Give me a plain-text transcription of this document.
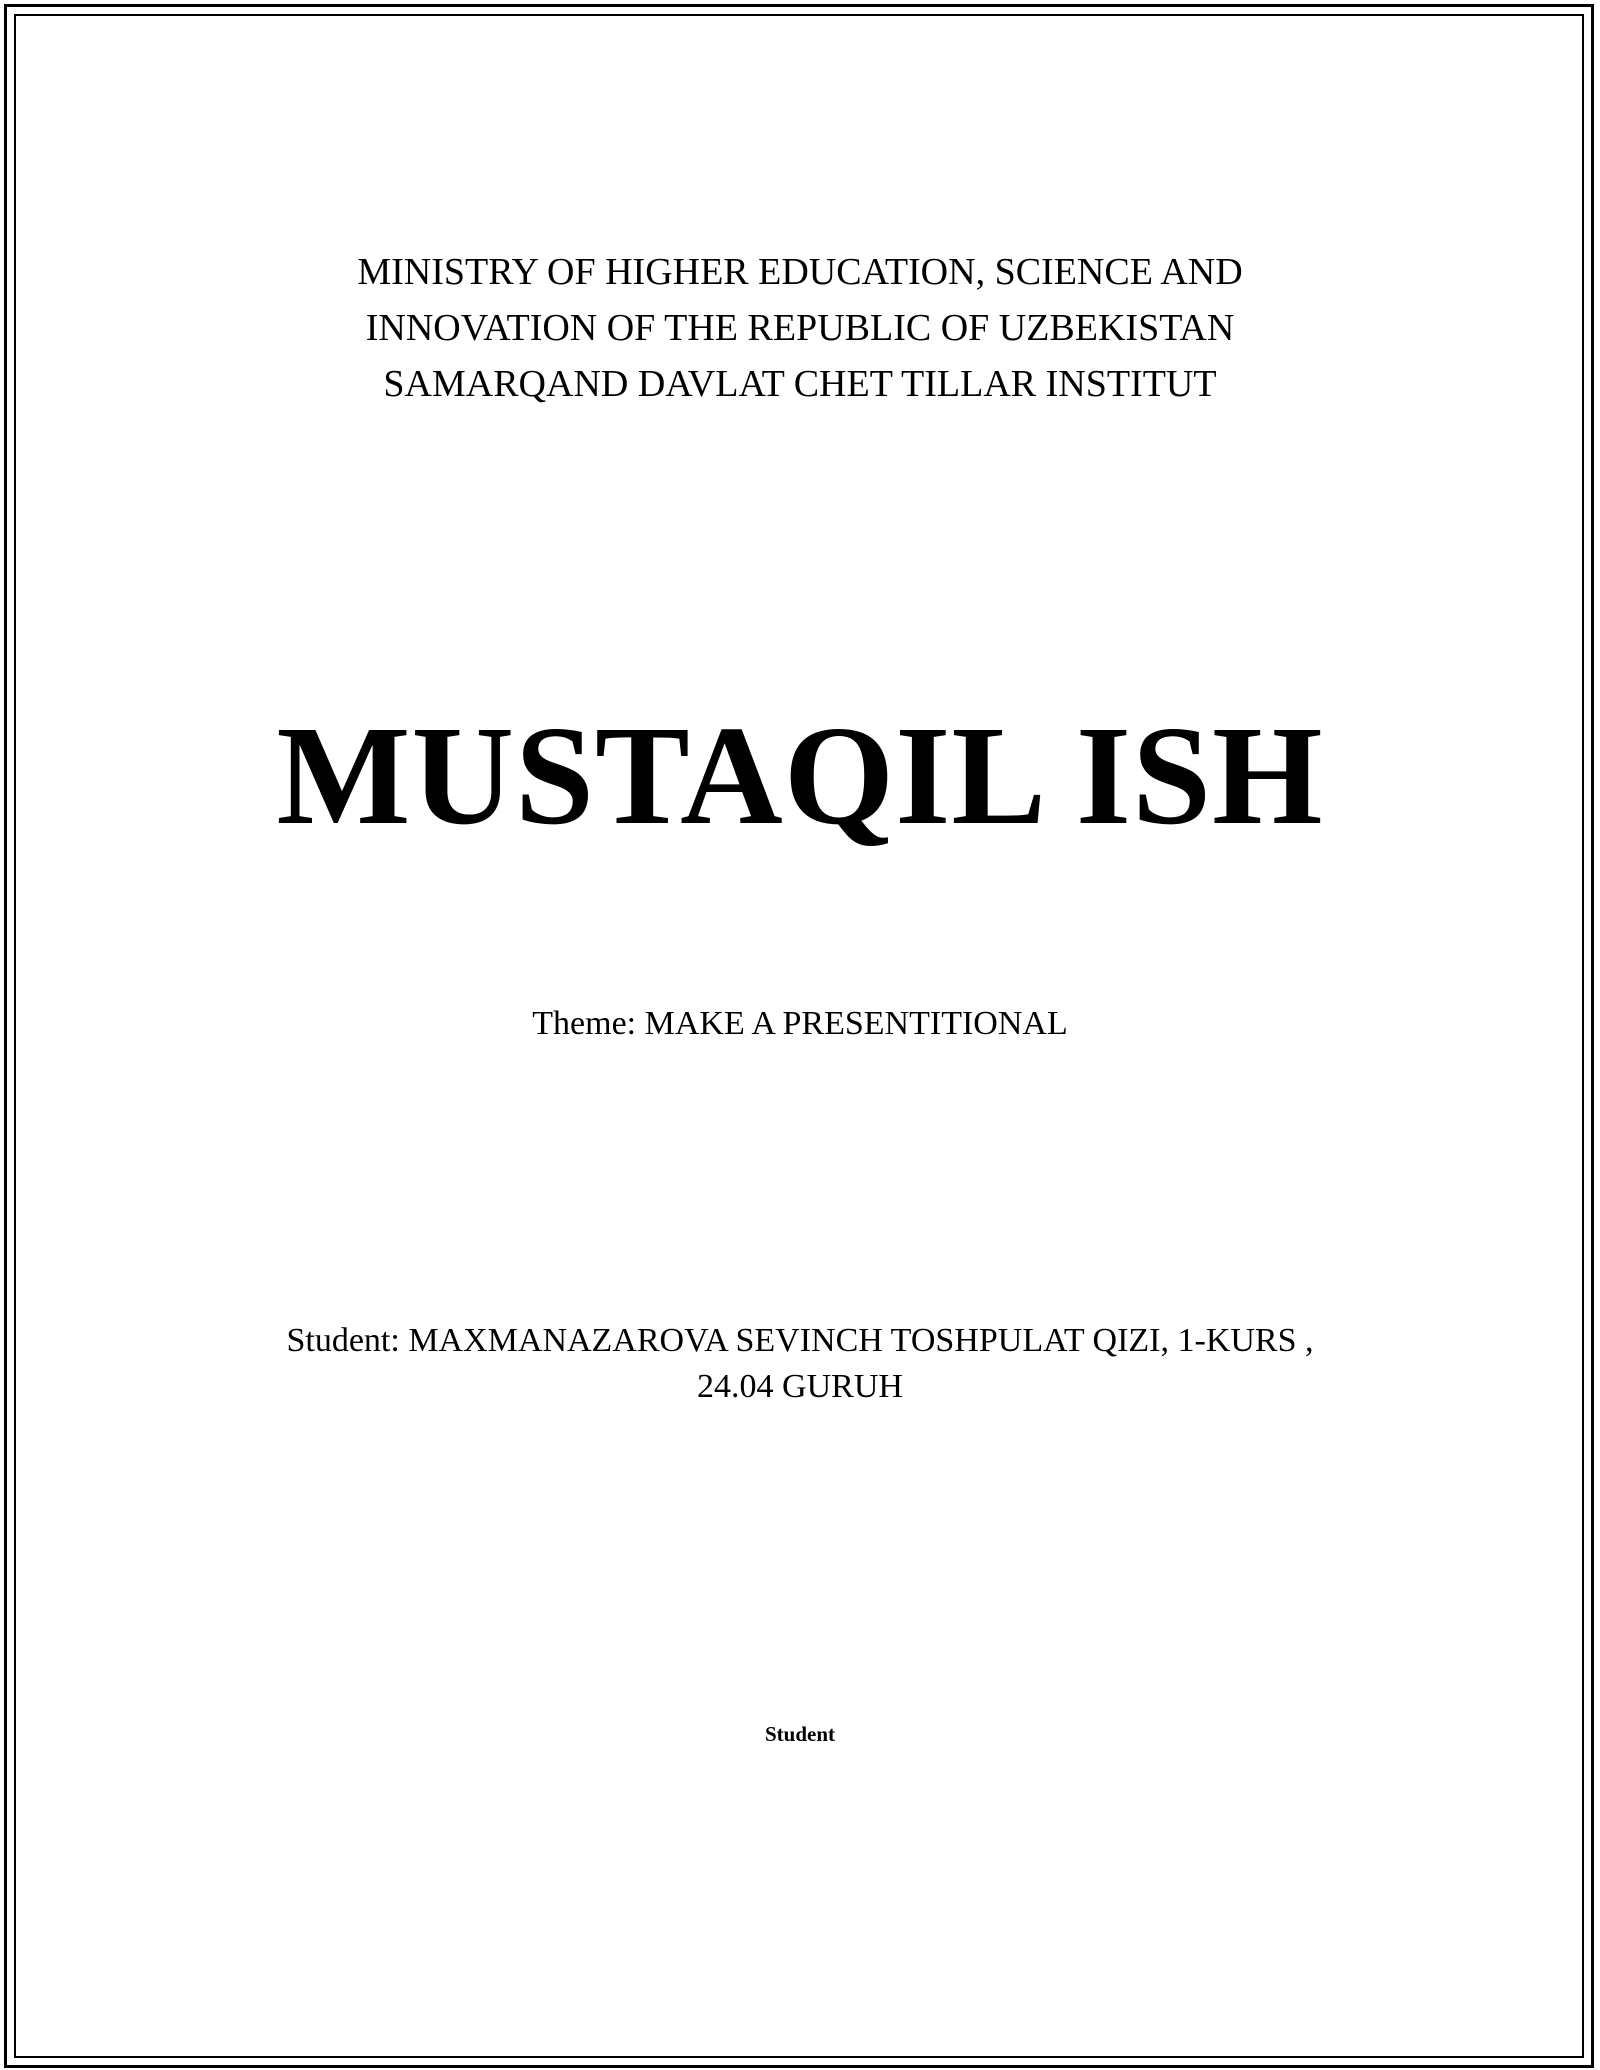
MINISTRY OF HIGHER EDUCATION, SCIENCE AND
INNOVATION OF THE REPUBLIC OF UZBEKISTAN
SAMARQAND DAVLAT CHET TILLAR INSTITUT
MUSTAQIL ISH
Theme: MAKE A PRESENTITIONAL
Student: MAXMANAZAROVA SEVINCH TOSHPULAT QIZI, 1-KURS ,
24.04 GURUH
Student
